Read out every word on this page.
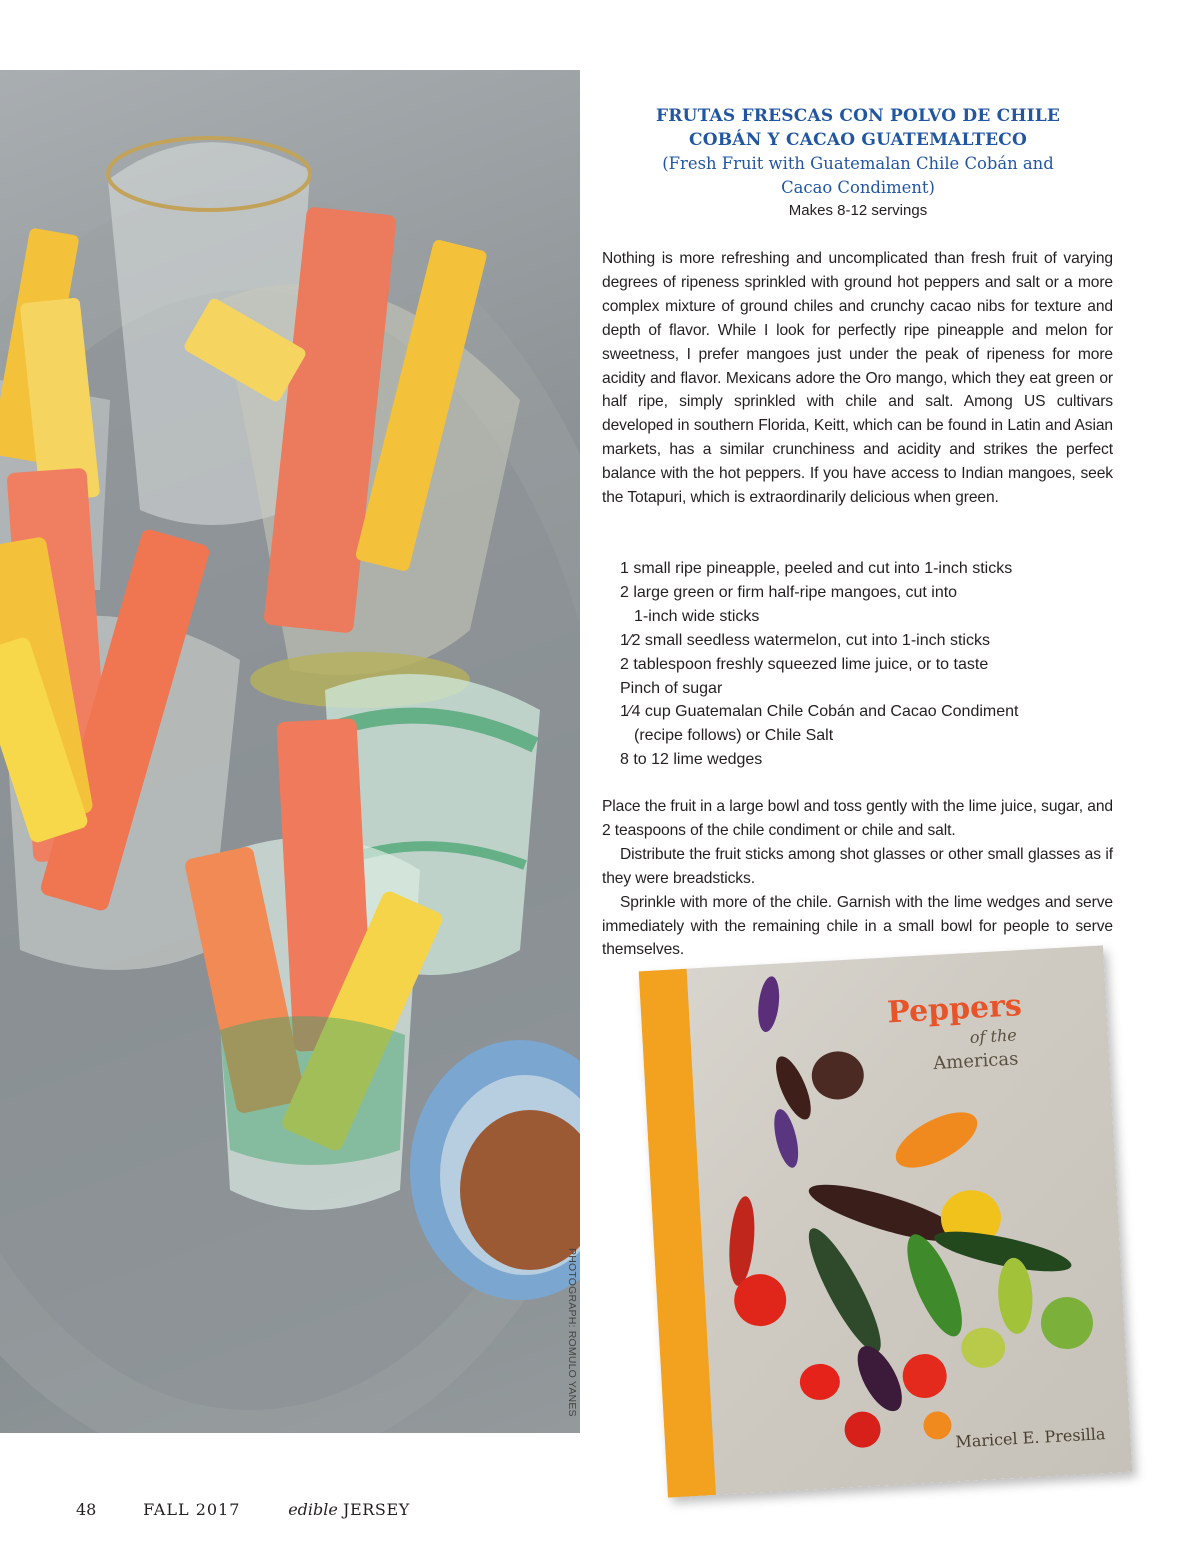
PHOTOGRAPH: ROMULO YANES
FRUTAS FRESCAS CON POLVO DE CHILE
COBÁN Y CACAO GUATEMALTECO
(Fresh Fruit with Guatemalan Chile Cobán and
Cacao Condiment)
Makes 8-12 servings

Nothing is more refreshing and uncomplicated than fresh fruit of varying degrees of ripeness sprinkled with ground hot peppers and salt or a more complex mixture of ground chiles and crunchy cacao nibs for texture and depth of flavor. While I look for perfectly ripe pineapple and melon for sweetness, I prefer mangoes just under the peak of ripeness for more acidity and flavor. Mexicans adore the Oro mango, which they eat green or half ripe, simply sprinkled with chile and salt. Among US cultivars developed in southern Florida, Keitt, which can be found in Latin and Asian markets, has a similar crunchiness and acidity and strikes the perfect balance with the hot peppers. If you have access to Indian mangoes, seek the Totapuri, which is extraordinarily delicious when green.

1 small ripe pineapple, peeled and cut into 1-inch sticks
2 large green or firm half-ripe mangoes, cut into
1-inch wide sticks
1⁄2 small seedless watermelon, cut into 1-inch sticks
2 tablespoon freshly squeezed lime juice, or to taste
Pinch of sugar
1⁄4 cup Guatemalan Chile Cobán and Cacao Condiment
(recipe follows) or Chile Salt
8 to 12 lime wedges

Place the fruit in a large bowl and toss gently with the lime juice, sugar, and 2 teaspoons of the chile condiment or chile and salt.

Distribute the fruit sticks among shot glasses or other small glasses as if they were breadsticks.

Sprinkle with more of the chile. Garnish with the lime wedges and serve immediately with the remaining chile in a small bowl for people to serve themselves.

Peppers
of the
Americas
Maricel E. Presilla
48	FALL 2017	edible JERSEY
